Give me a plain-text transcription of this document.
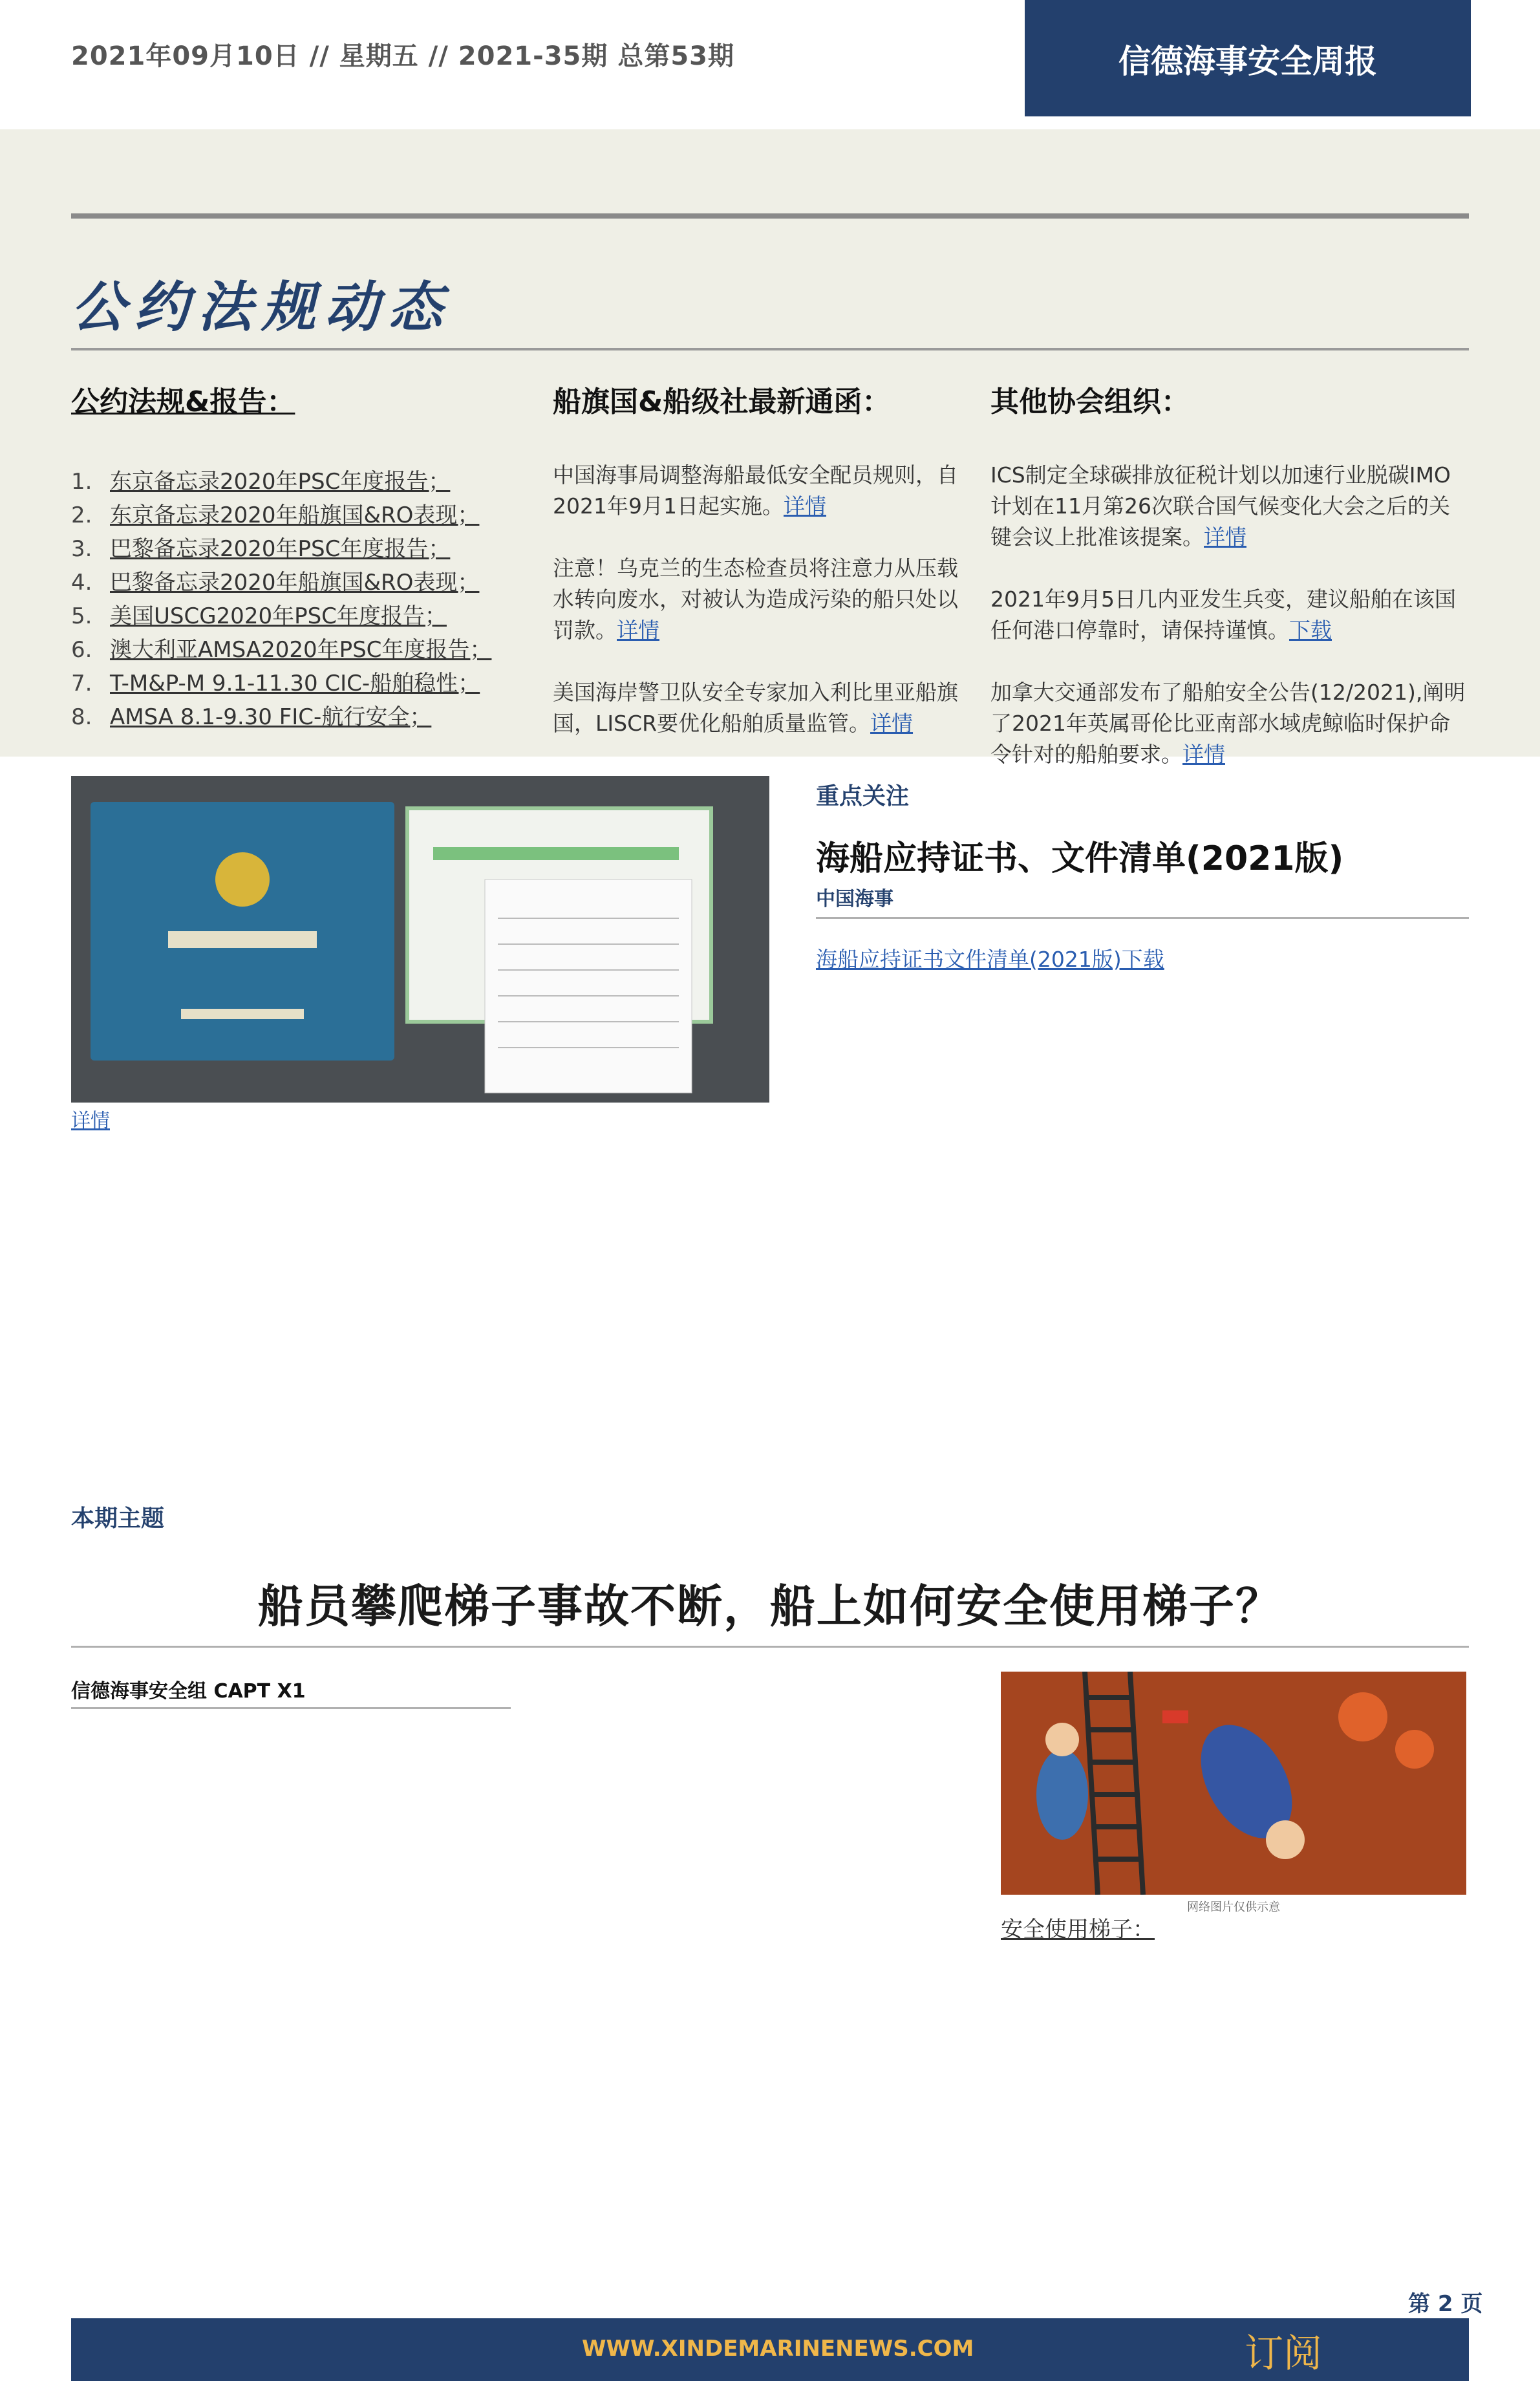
2021年09月10日 // 星期五 // 2021-35期 总第53期	信德海事安全周报
公约法规动态
公约法规&报告：
1. 东京备忘录2020年PSC年度报告；
2. 东京备忘录2020年船旗国&RO表现；
3. 巴黎备忘录2020年PSC年度报告；
4. 巴黎备忘录2020年船旗国&RO表现；
5. 美国USCG2020年PSC年度报告；
6. 澳大利亚AMSA2020年PSC年度报告；
7. T-M&P-M 9.1-11.30 CIC-船舶稳性；
8. AMSA 8.1-9.30 FIC-航行安全；
船旗国&船级社最新通函：
中国海事局调整海船最低安全配员规则，自2021年9月1日起实施。详情
注意！乌克兰的生态检查员将注意力从压载水转向废水，对被认为造成污染的船只处以罚款。详情
美国海岸警卫队安全专家加入利比里亚船旗国，LISCR要优化船舶质量监管。详情
其他协会组织：
ICS制定全球碳排放征税计划以加速行业脱碳IMO计划在11月第26次联合国气候变化大会之后的关键会议上批准该提案。详情
2021年9月5日几内亚发生兵变，建议船舶在该国任何港口停靠时，请保持谨慎。下载
加拿大交通部发布了船舶安全公告(12/2021),阐明了2021年英属哥伦比亚南部水域虎鲸临时保护命令针对的船舶要求。详情
详情
重点关注
海船应持证书、文件清单(2021版)
中国海事
海船应持证书文件清单(2021版)下载
本期主题
船员攀爬梯子事故不断，船上如何安全使用梯子？
信德海事安全组 CAPT X1
网络图片仅供示意
安全使用梯子：
第 2 页
WWW.XINDEMARINENEWS.COM	订阅
